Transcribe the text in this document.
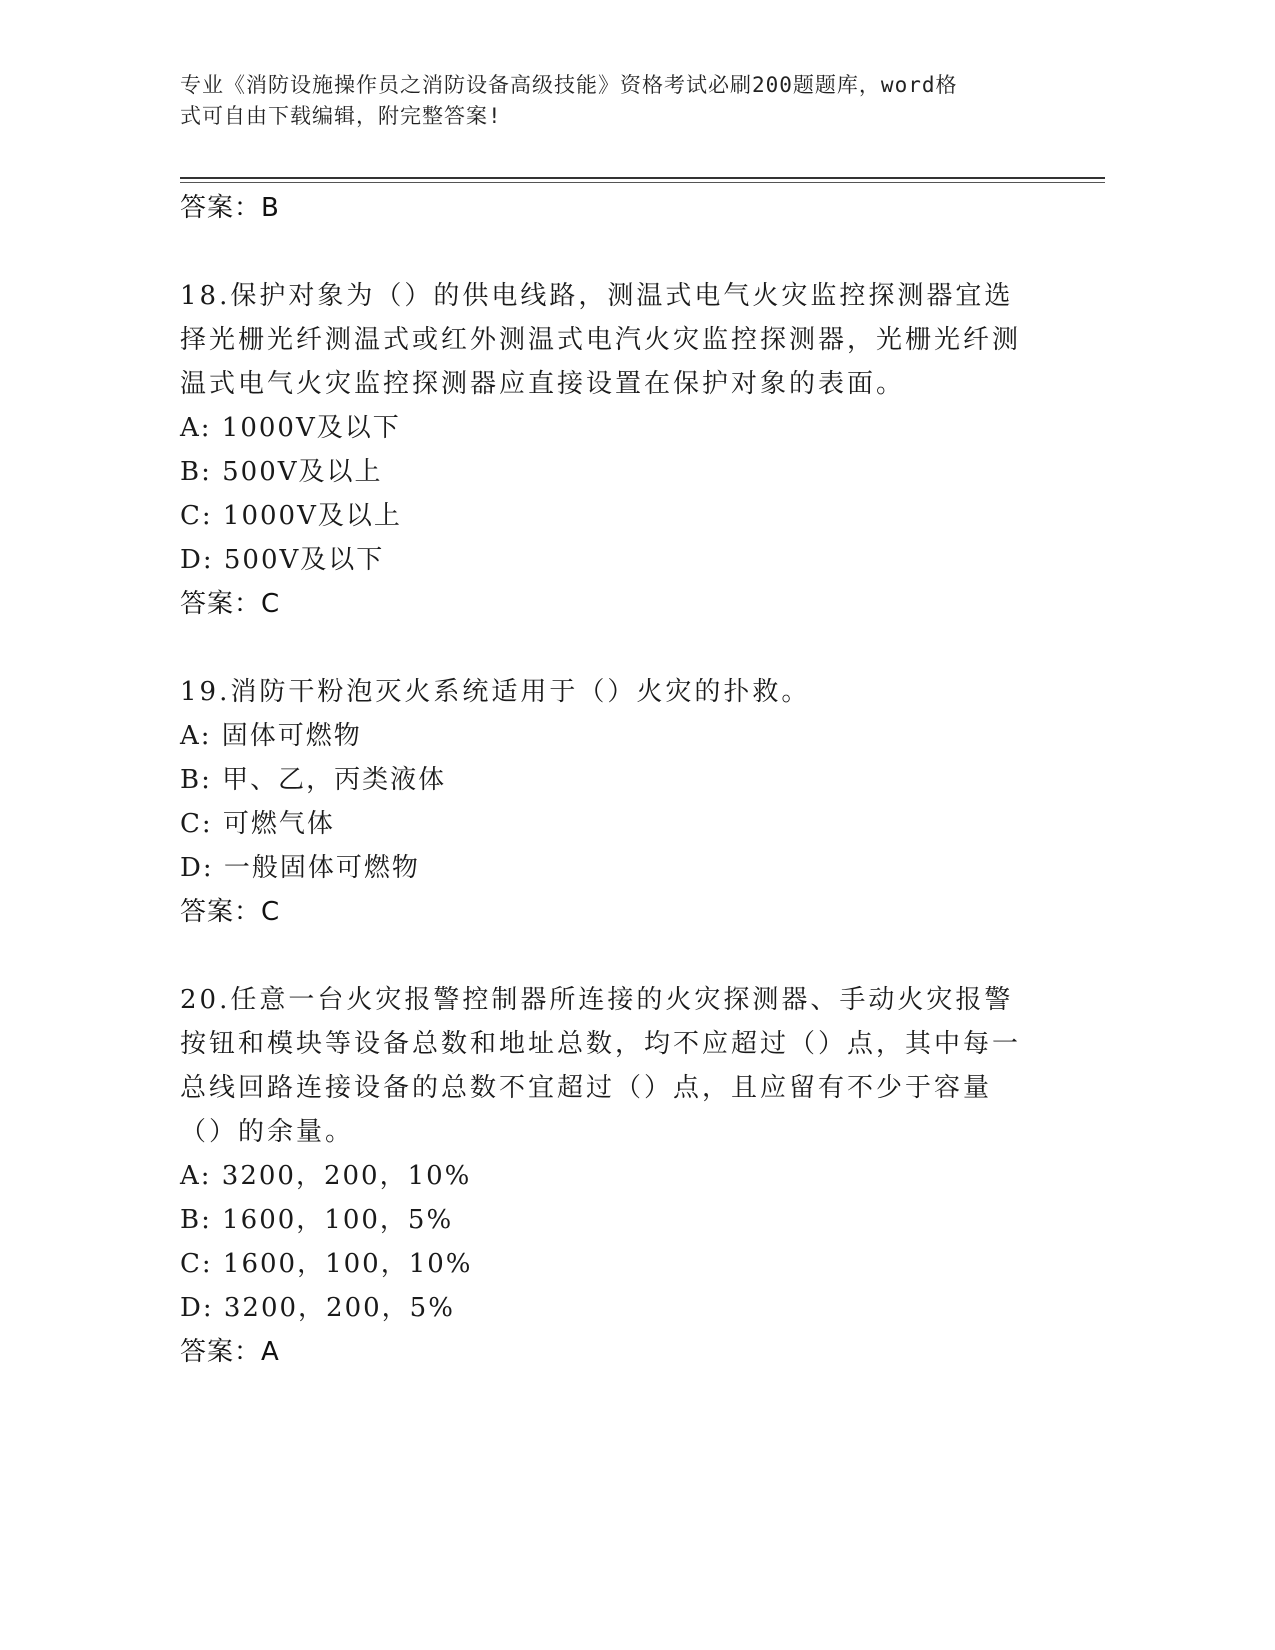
专业《消防设施操作员之消防设备高级技能》资格考试必刷200题题库，word格
式可自由下载编辑，附完整答案!

答案：B

18.保护对象为（）的供电线路，测温式电气火灾监控探测器宜选择光栅光纤测温式或红外测温式电汽火灾监控探测器，光栅光纤测温式电气火灾监控探测器应直接设置在保护对象的表面。

A: 1000V及以下

B: 500V及以上

C: 1000V及以上

D: 500V及以下

答案：C

19.消防干粉泡灭火系统适用于（）火灾的扑救。

A: 固体可燃物

B: 甲、乙，丙类液体

C: 可燃气体

D: 一般固体可燃物

答案：C

20.任意一台火灾报警控制器所连接的火灾探测器、手动火灾报警按钮和模块等设备总数和地址总数，均不应超过（）点，其中每一总线回路连接设备的总数不宜超过（）点，且应留有不少于容量（）的余量。

A: 3200，200，10%

B: 1600，100，5%

C: 1600，100，10%

D: 3200，200，5%

答案：A
